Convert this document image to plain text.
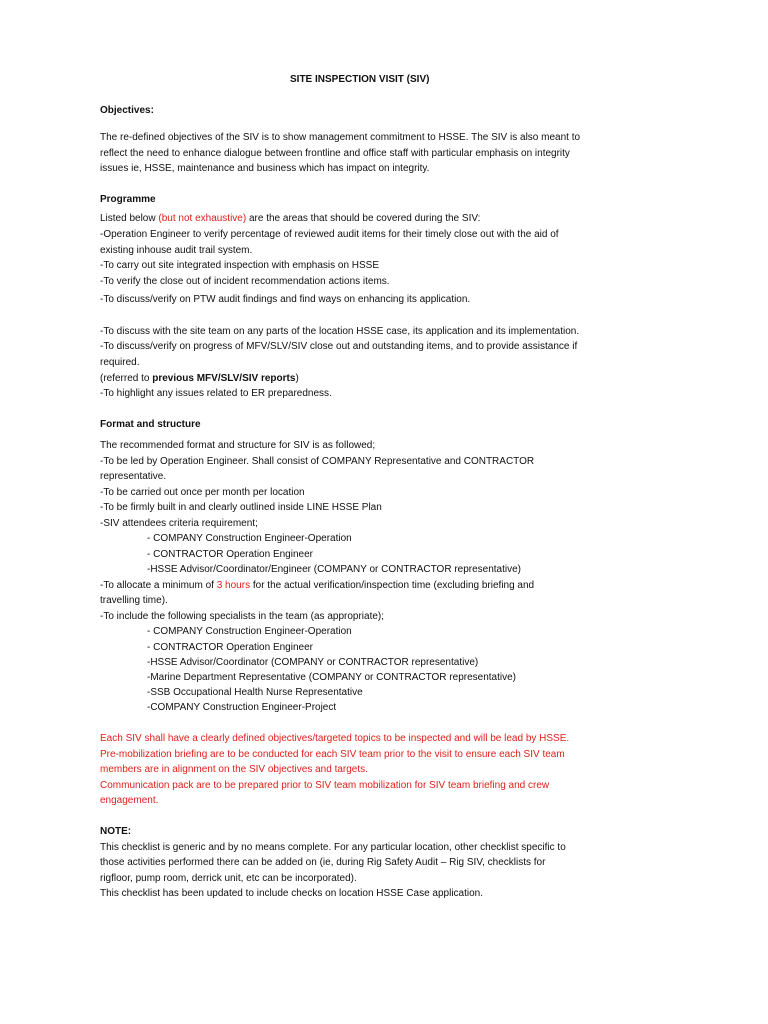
SITE INSPECTION VISIT (SIV)

Objectives:

The re-defined objectives of the SIV is to show management commitment to HSSE. The SIV is also meant to

reflect the need to enhance dialogue between frontline and office staff with particular emphasis on integrity

issues ie, HSSE, maintenance and business which has impact on integrity.

Programme

Listed below (but not exhaustive) are the areas that should be covered during the SIV:

-Operation Engineer to verify percentage of reviewed audit items for their timely close out with the aid of

existing inhouse audit trail system.

-To carry out site integrated inspection with emphasis on HSSE

-To verify the close out of incident recommendation actions items.

-To discuss/verify on PTW audit findings and find ways on enhancing its application.

-To discuss with the site team on any parts of the location HSSE case, its application and its implementation.

-To discuss/verify on progress of MFV/SLV/SIV close out and outstanding items, and to provide assistance if

required.

(referred to previous MFV/SLV/SIV reports)

-To highlight any issues related to ER preparedness.

Format and structure

The recommended format and structure for SIV is as followed;

-To be led by Operation Engineer. Shall consist of COMPANY Representative and CONTRACTOR

representative.

-To be carried out once per month per location

-To be firmly built in and clearly outlined inside LINE HSSE Plan

-SIV attendees criteria requirement;

- COMPANY Construction Engineer-Operation

- CONTRACTOR Operation Engineer

-HSSE Advisor/Coordinator/Engineer (COMPANY or CONTRACTOR representative)

-To allocate a minimum of 3 hours for the actual verification/inspection time (excluding briefing and

travelling time).

-To include the following specialists in the team (as appropriate);

- COMPANY Construction Engineer-Operation

- CONTRACTOR Operation Engineer

-HSSE Advisor/Coordinator (COMPANY or CONTRACTOR representative)

-Marine Department Representative (COMPANY or CONTRACTOR representative)

-SSB Occupational Health Nurse Representative

-COMPANY Construction Engineer-Project

Each SIV shall have a clearly defined objectives/targeted topics to be inspected and will be lead by HSSE.

Pre-mobilization briefing are to be conducted for each SIV team prior to the visit to ensure each SIV team

members are in alignment on the SIV objectives and targets.

Communication pack are to be prepared prior to SIV team mobilization for SIV team briefing and crew

engagement.

NOTE:

This checklist is generic and by no means complete. For any particular location, other checklist specific to

those activities performed there can be added on (ie, during Rig Safety Audit – Rig SIV, checklists for

rigfloor, pump room, derrick unit, etc can be incorporated).

This checklist has been updated to include checks on location HSSE Case application.
